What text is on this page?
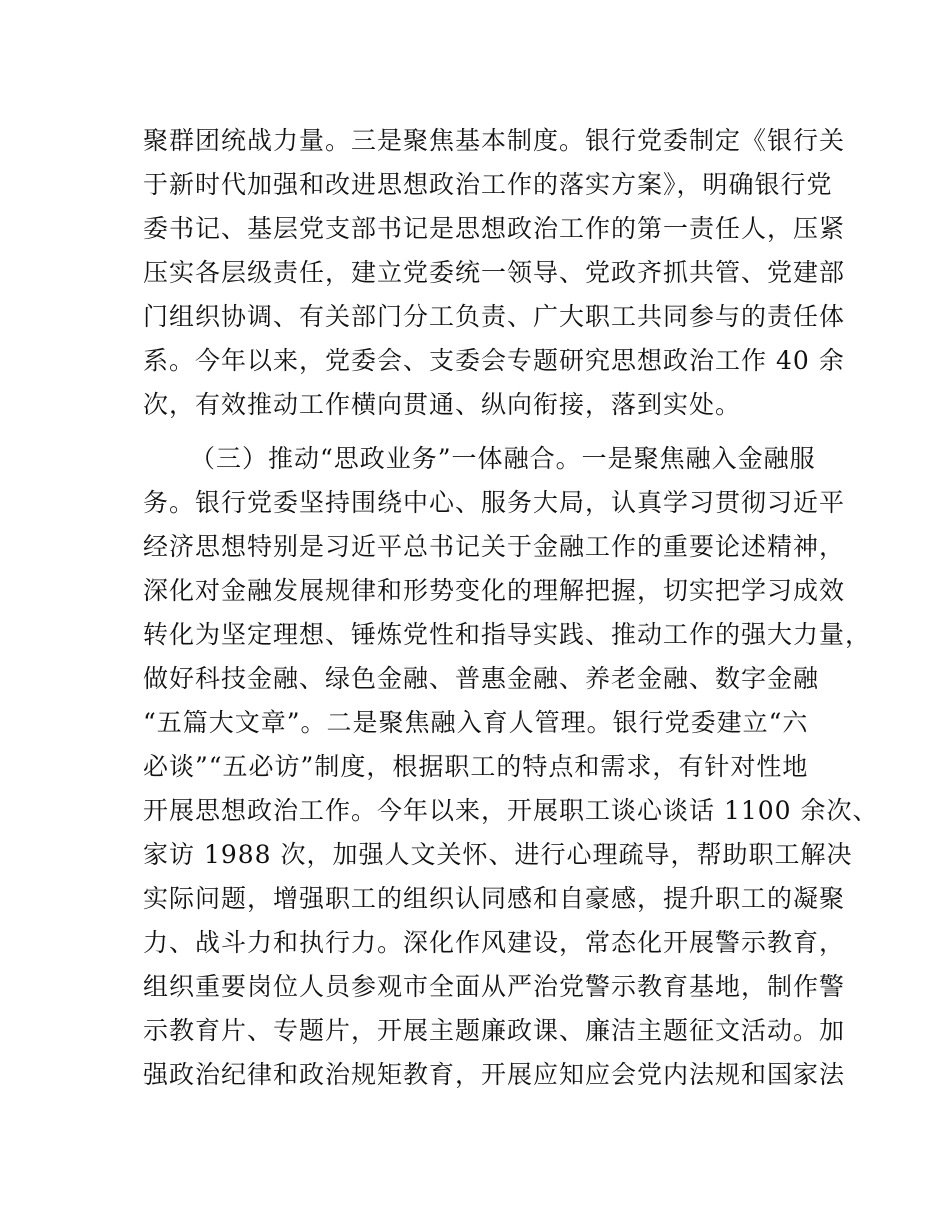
聚群团统战力量。三是聚焦基本制度。银行党委制定《银行关
于新时代加强和改进思想政治工作的落实方案》，明确银行党
委书记、基层党支部书记是思想政治工作的第一责任人，压紧
压实各层级责任，建立党委统一领导、党政齐抓共管、党建部
门组织协调、有关部门分工负责、广大职工共同参与的责任体
系。今年以来，党委会、支委会专题研究思想政治工作 40 余
次，有效推动工作横向贯通、纵向衔接，落到实处。
（三）推动“思政业务”一体融合。一是聚焦融入金融服
务。银行党委坚持围绕中心、服务大局，认真学习贯彻习近平
经济思想特别是习近平总书记关于金融工作的重要论述精神，
深化对金融发展规律和形势变化的理解把握，切实把学习成效
转化为坚定理想、锤炼党性和指导实践、推动工作的强大力量，
做好科技金融、绿色金融、普惠金融、养老金融、数字金融
“五篇大文章”。二是聚焦融入育人管理。银行党委建立“六
必谈”“五必访”制度，根据职工的特点和需求，有针对性地
开展思想政治工作。今年以来，开展职工谈心谈话 1100 余次、
家访 1988 次，加强人文关怀、进行心理疏导，帮助职工解决
实际问题，增强职工的组织认同感和自豪感，提升职工的凝聚
力、战斗力和执行力。深化作风建设，常态化开展警示教育，
组织重要岗位人员参观市全面从严治党警示教育基地，制作警
示教育片、专题片，开展主题廉政课、廉洁主题征文活动。加
强政治纪律和政治规矩教育，开展应知应会党内法规和国家法
